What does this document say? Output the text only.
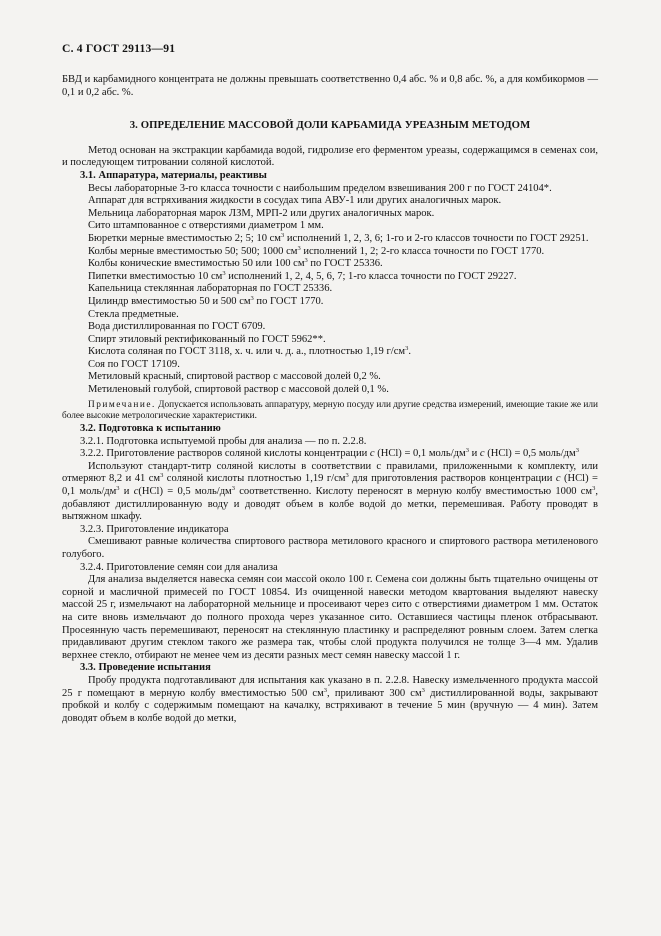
С. 4 ГОСТ 29113—91

БВД и карбамидного концентрата не должны превышать соответственно 0,4 абс. % и 0,8 абс. %, а для комбикормов — 0,1 и 0,2 абс. %.

3. ОПРЕДЕЛЕНИЕ МАССОВОЙ ДОЛИ КАРБАМИДА УРЕАЗНЫМ МЕТОДОМ

Метод основан на экстракции карбамида водой, гидролизе его ферментом уреазы, содержащимся в семенах сои, и последующем титровании соляной кислотой.

3.1. Аппаратура, материалы, реактивы

Весы лабораторные 3-го класса точности с наибольшим пределом взвешивания 200 г по ГОСТ 24104*.

Аппарат для встряхивания жидкости в сосудах типа АВУ-1 или других аналогичных марок.

Мельница лабораторная марок ЛЗМ, МРП-2 или других аналогичных марок.

Сито штампованное с отверстиями диаметром 1 мм.

Бюретки мерные вместимостью 2; 5; 10 $см^3$ исполнений 1, 2, 3, 6; 1-го и 2-го классов точности по ГОСТ 29251.

Колбы мерные вместимостью 50; 500; 1000 $см^3$ исполнений 1, 2; 2-го класса точности по ГОСТ 1770.

Колбы конические вместимостью 50 или 100 $см^3$ по ГОСТ 25336.

Пипетки вместимостью 10 $см^3$ исполнений 1, 2, 4, 5, 6, 7; 1-го класса точности по ГОСТ 29227.

Капельница стеклянная лабораторная по ГОСТ 25336.

Цилиндр вместимостью 50 и 500 $см^3$ по ГОСТ 1770.

Стекла предметные.

Вода дистиллированная по ГОСТ 6709.

Спирт этиловый ректификованный по ГОСТ 5962**.

Кислота соляная по ГОСТ 3118, х. ч. или ч. д. а., плотностью 1,19 $г/см^3$.

Соя по ГОСТ 17109.

Метиловый красный, спиртовой раствор с массовой долей 0,2 %.

Метиленовый голубой, спиртовой раствор с массовой долей 0,1 %.

Примечание. Допускается использовать аппаратуру, мерную посуду или другие средства измерений, имеющие такие же или более высокие метрологические характеристики.

3.2. Подготовка к испытанию

3.2.1. Подготовка испытуемой пробы для анализа — по п. 2.2.8.

3.2.2. Приготовление растворов соляной кислоты концентрации c (HCl) = 0,1 моль/$дм^3$ и c (HCl) = 0,5 моль/$дм^3$

Используют стандарт-титр соляной кислоты в соответствии с правилами, приложенными к комплекту, или отмеряют 8,2 и 41 $см^3$ соляной кислоты плотностью 1,19 $г/см^3$ для приготовления растворов концентрации c (HCl) = 0,1 моль/$дм^3$ и c(HCl) = 0,5 моль/$дм^3$ соответственно. Кислоту переносят в мерную колбу вместимостью 1000 $см^3$, добавляют дистиллированную воду и доводят объем в колбе водой до метки, перемешивая. Работу проводят в вытяжном шкафу.

3.2.3. Приготовление индикатора

Смешивают равные количества спиртового раствора метилового красного и спиртового раствора метиленового голубого.

3.2.4. Приготовление семян сои для анализа

Для анализа выделяется навеска семян сои массой около 100 г. Семена сои должны быть тщательно очищены от сорной и масличной примесей по ГОСТ 10854. Из очищенной навески методом квартования выделяют навеску массой 25 г, измельчают на лабораторной мельнице и просеивают через сито с отверстиями диаметром 1 мм. Остаток на сите вновь измельчают до полного прохода через указанное сито. Оставшиеся частицы пленок отбрасывают. Просеянную часть перемешивают, переносят на стеклянную пластинку и распределяют ровным слоем. Затем слегка придавливают другим стеклом такого же размера так, чтобы слой продукта получился не толще 3—4 мм. Удалив верхнее стекло, отбирают не менее чем из десяти разных мест семян навеску массой 1 г.

3.3. Проведение испытания

Пробу продукта подготавливают для испытания как указано в п. 2.2.8. Навеску измельченного продукта массой 25 г помещают в мерную колбу вместимостью 500 $см^3$, приливают 300 $см^3$ дистиллированной воды, закрывают пробкой и колбу с содержимым помещают на качалку, встряхивают в течение 5 мин (вручную — 4 мин). Затем доводят объем в колбе водой до метки,
